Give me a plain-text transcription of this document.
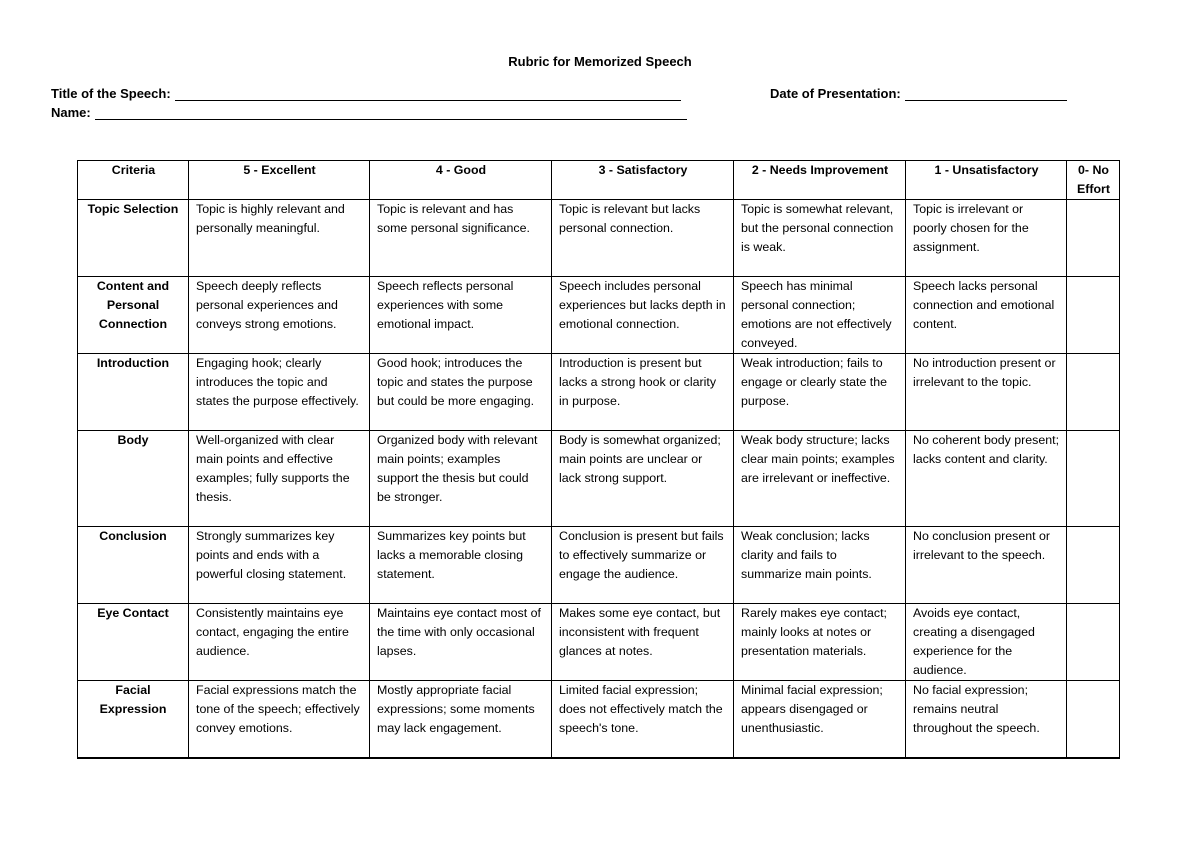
Rubric for Memorized Speech
Title of the Speech:	Date of Presentation:
Name:
Criteria	5 - Excellent	4 - Good	3 - Satisfactory	2 - Needs Improvement	1 - Unsatisfactory	0- No Effort
Topic Selection	Topic is highly relevant and personally meaningful.	Topic is relevant and has some personal significance.	Topic is relevant but lacks personal connection.	Topic is somewhat relevant, but the personal connection is weak.	Topic is irrelevant or poorly chosen for the assignment.	
Content and Personal Connection	Speech deeply reflects personal experiences and conveys strong emotions.	Speech reflects personal experiences with some emotional impact.	Speech includes personal experiences but lacks depth in emotional connection.	Speech has minimal personal connection; emotions are not effectively conveyed.	Speech lacks personal connection and emotional content.	
Introduction	Engaging hook; clearly introduces the topic and states the purpose effectively.	Good hook; introduces the topic and states the purpose but could be more engaging.	Introduction is present but lacks a strong hook or clarity in purpose.	Weak introduction; fails to engage or clearly state the purpose.	No introduction present or irrelevant to the topic.	
Body	Well-organized with clear main points and effective examples; fully supports the thesis.	Organized body with relevant main points; examples support the thesis but could be stronger.	Body is somewhat organized; main points are unclear or lack strong support.	Weak body structure; lacks clear main points; examples are irrelevant or ineffective.	No coherent body present; lacks content and clarity.	
Conclusion	Strongly summarizes key points and ends with a powerful closing statement.	Summarizes key points but lacks a memorable closing statement.	Conclusion is present but fails to effectively summarize or engage the audience.	Weak conclusion; lacks clarity and fails to summarize main points.	No conclusion present or irrelevant to the speech.	
Eye Contact	Consistently maintains eye contact, engaging the entire audience.	Maintains eye contact most of the time with only occasional lapses.	Makes some eye contact, but inconsistent with frequent glances at notes.	Rarely makes eye contact; mainly looks at notes or presentation materials.	Avoids eye contact, creating a disengaged experience for the audience.	
Facial Expression	Facial expressions match the tone of the speech; effectively convey emotions.	Mostly appropriate facial expressions; some moments may lack engagement.	Limited facial expression; does not effectively match the speech's tone.	Minimal facial expression; appears disengaged or unenthusiastic.	No facial expression; remains neutral throughout the speech.	
